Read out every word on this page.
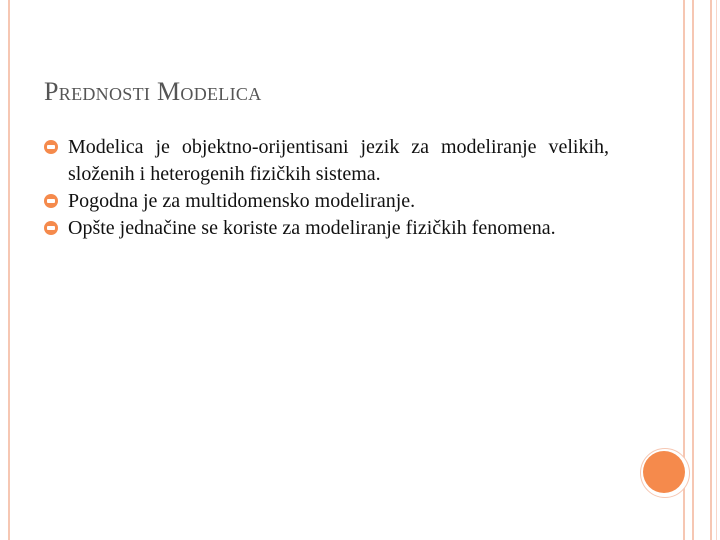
PREDNOSTI MODELICA
Modelica je objektno-orijentisani jezik za modeliranje velikih, složenih i heterogenih fizičkih sistema.
Pogodna je za multidomensko modeliranje.
Opšte jednačine se koriste za modeliranje fizičkih fenomena.
